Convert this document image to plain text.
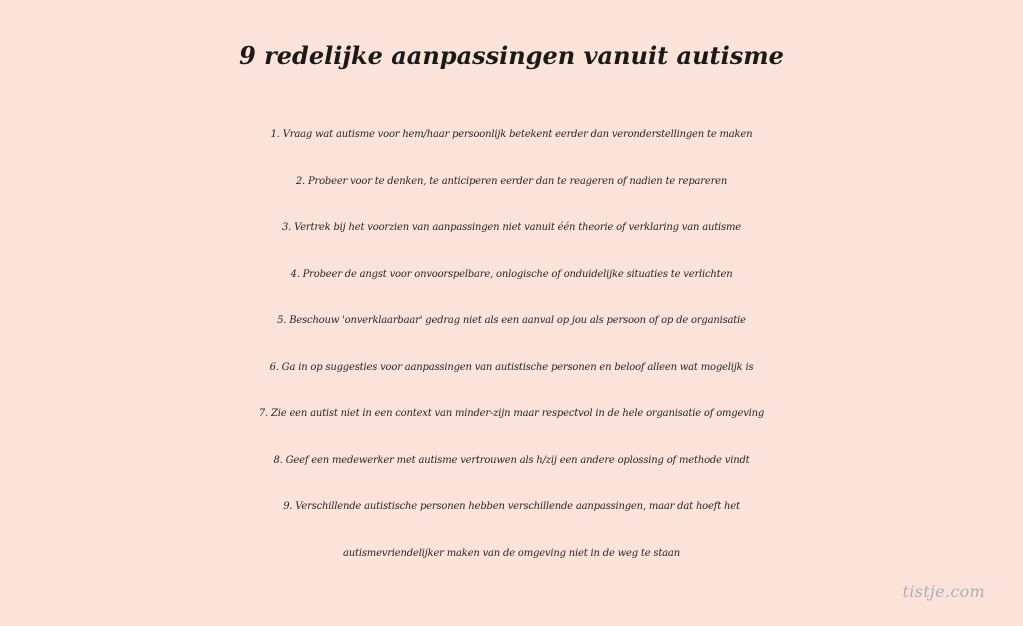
9 redelijke aanpassingen vanuit autisme
1. Vraag wat autisme voor hem/haar persoonlijk betekent eerder dan veronderstellingen te maken
2. Probeer voor te denken, te anticiperen eerder dan te reageren of nadien te repareren
3. Vertrek bij het voorzien van aanpassingen niet vanuit één theorie of verklaring van autisme
4. Probeer de angst voor onvoorspelbare, onlogische of onduidelijke situaties te verlichten
5. Beschouw 'onverklaarbaar' gedrag niet als een aanval op jou als persoon of op de organisatie
6. Ga in op suggesties voor aanpassingen van autistische personen en beloof alleen wat mogelijk is
7. Zie een autist niet in een context van minder-zijn maar respectvol in de hele organisatie of omgeving
8. Geef een medewerker met autisme vertrouwen als h/zij een andere oplossing of methode vindt
9. Verschillende autistische personen hebben verschillende aanpassingen, maar dat hoeft het
autismevriendelijker maken van de omgeving niet in de weg te staan
tistje.com
